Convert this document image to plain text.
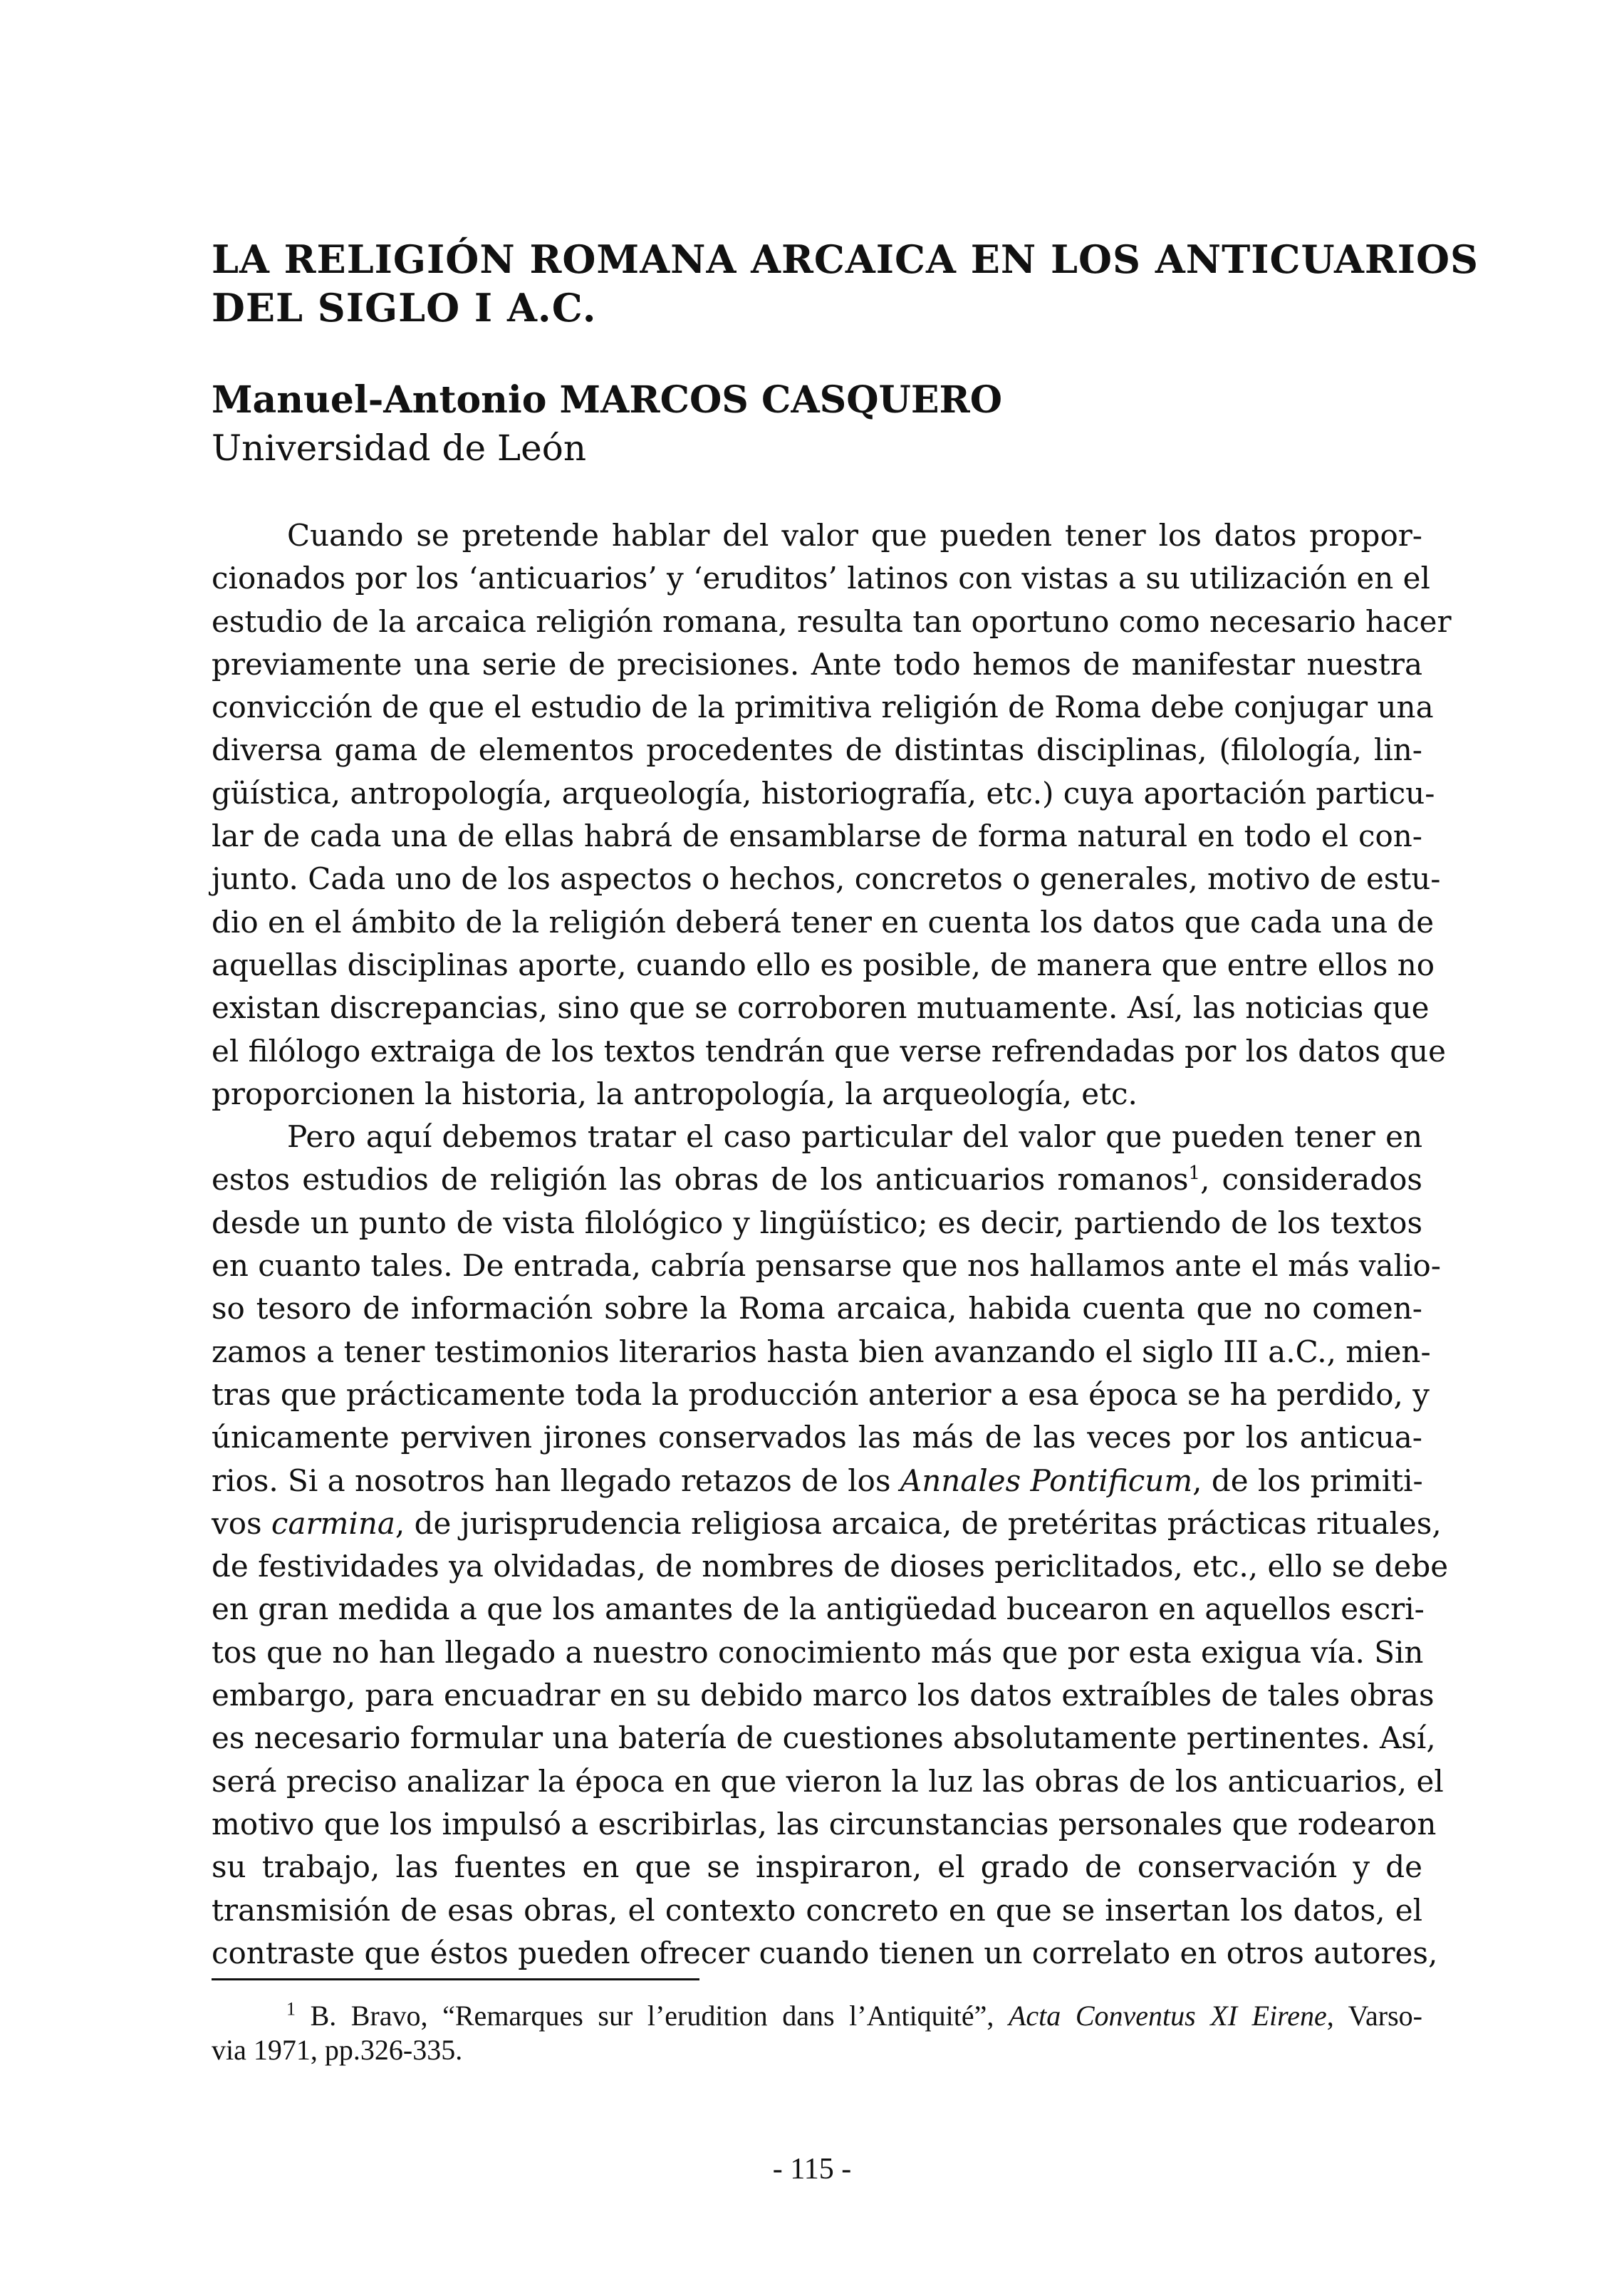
LA RELIGIÓN ROMANA ARCAICA EN LOS ANTICUARIOS
DEL SIGLO I A.C.
Manuel-Antonio MARCOS CASQUERO
Universidad de León
Cuando se pretende hablar del valor que pueden tener los datos propor-
cionados por los ‘anticuarios’ y ‘eruditos’ latinos con vistas a su utilización en el
estudio de la arcaica religión romana, resulta tan oportuno como necesario hacer
previamente una serie de precisiones. Ante todo hemos de manifestar nuestra
convicción de que el estudio de la primitiva religión de Roma debe conjugar una
diversa gama de elementos procedentes de distintas disciplinas, (filología, lin-
güística, antropología, arqueología, historiografía, etc.) cuya aportación particu-
lar de cada una de ellas habrá de ensamblarse de forma natural en todo el con-
junto. Cada uno de los aspectos o hechos, concretos o generales, motivo de estu-
dio en el ámbito de la religión deberá tener en cuenta los datos que cada una de
aquellas disciplinas aporte, cuando ello es posible, de manera que entre ellos no
existan discrepancias, sino que se corroboren mutuamente. Así, las noticias que
el filólogo extraiga de los textos tendrán que verse refrendadas por los datos que
proporcionen la historia, la antropología, la arqueología, etc.
Pero aquí debemos tratar el caso particular del valor que pueden tener en
estos estudios de religión las obras de los anticuarios romanos$^1$, considerados
desde un punto de vista filológico y lingüístico; es decir, partiendo de los textos
en cuanto tales. De entrada, cabría pensarse que nos hallamos ante el más valio-
so tesoro de información sobre la Roma arcaica, habida cuenta que no comen-
zamos a tener testimonios literarios hasta bien avanzando el siglo III a.C., mien-
tras que prácticamente toda la producción anterior a esa época se ha perdido, y
únicamente perviven jirones conservados las más de las veces por los anticua-
rios. Si a nosotros han llegado retazos de los Annales Pontificum, de los primiti-
vos carmina, de jurisprudencia religiosa arcaica, de pretéritas prácticas rituales,
de festividades ya olvidadas, de nombres de dioses periclitados, etc., ello se debe
en gran medida a que los amantes de la antigüedad bucearon en aquellos escri-
tos que no han llegado a nuestro conocimiento más que por esta exigua vía. Sin
embargo, para encuadrar en su debido marco los datos extraíbles de tales obras
es necesario formular una batería de cuestiones absolutamente pertinentes. Así,
será preciso analizar la época en que vieron la luz las obras de los anticuarios, el
motivo que los impulsó a escribirlas, las circunstancias personales que rodearon
su trabajo, las fuentes en que se inspiraron, el grado de conservación y de
transmisión de esas obras, el contexto concreto en que se insertan los datos, el
contraste que éstos pueden ofrecer cuando tienen un correlato en otros autores,
$^1$ B. Bravo, “Remarques sur l’erudition dans l’Antiquité”, Acta Conventus XI Eirene, Varso-
via 1971, pp.326-335.
- 115 -
